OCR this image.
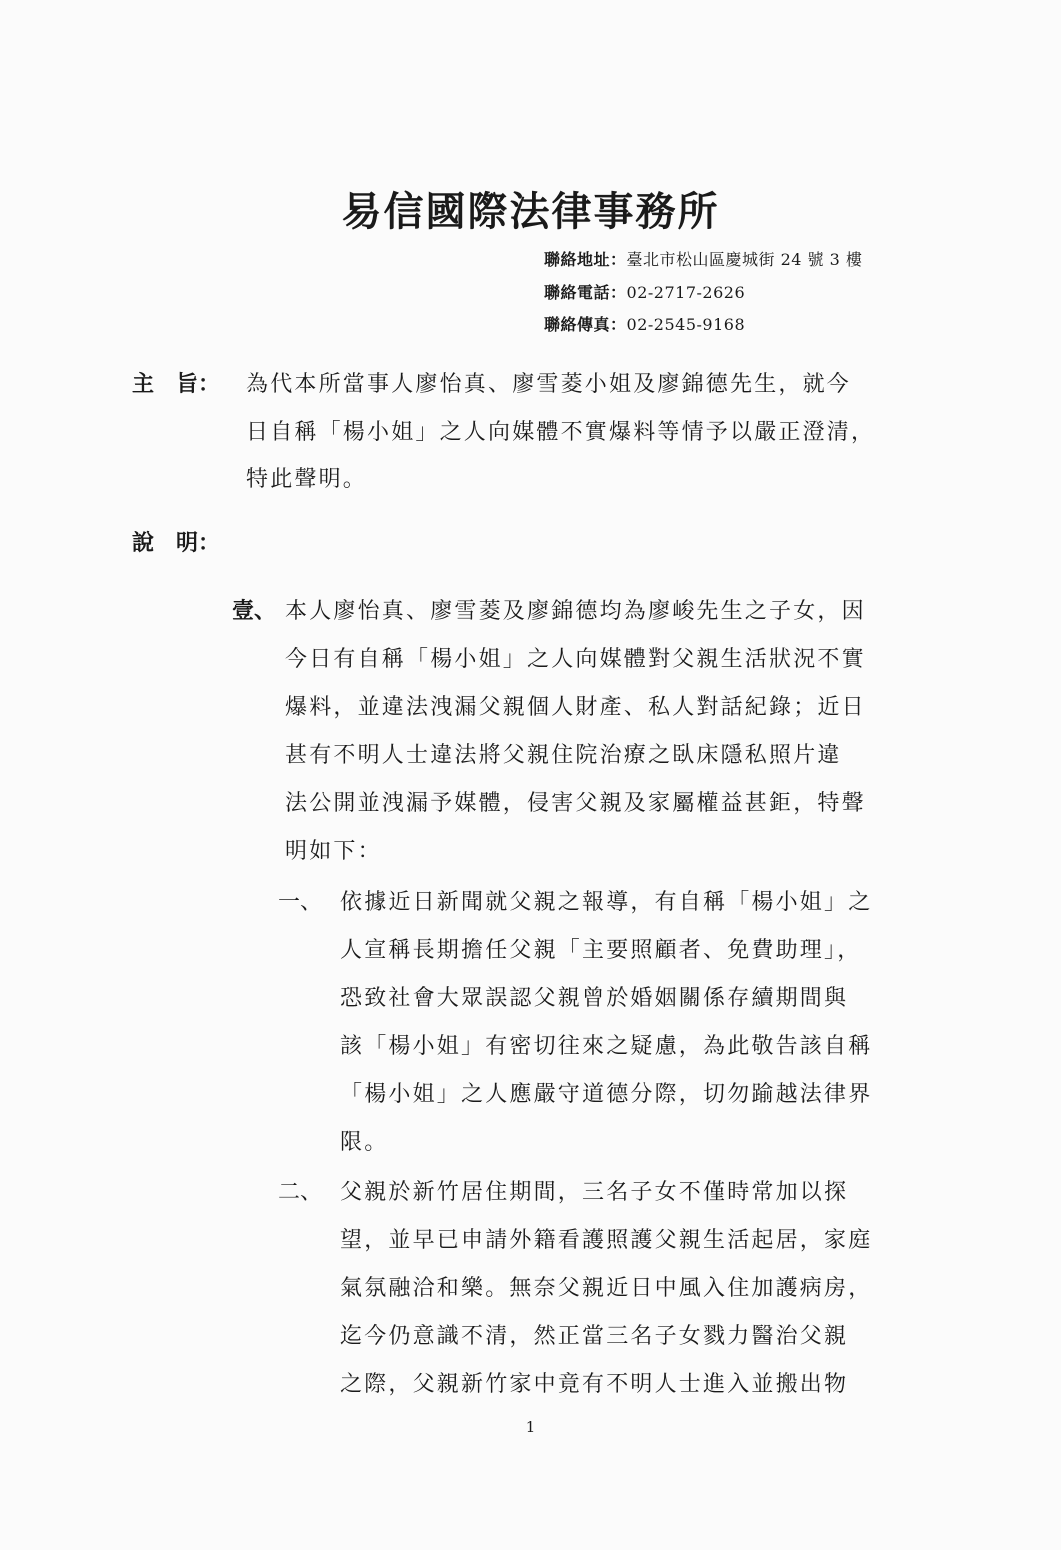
易信國際法律事務所
聯絡地址：臺北市松山區慶城街 24 號 3 樓
聯絡電話：02-2717-2626
聯絡傳真：02-2545-9168
主　旨： 為代本所當事人廖怡真、廖雪菱小姐及廖錦德先生，就今
日自稱「楊小姐」之人向媒體不實爆料等情予以嚴正澄清，
特此聲明。
說　明：
壹、 本人廖怡真、廖雪菱及廖錦德均為廖峻先生之子女，因
今日有自稱「楊小姐」之人向媒體對父親生活狀況不實
爆料，並違法洩漏父親個人財產、私人對話紀錄；近日
甚有不明人士違法將父親住院治療之臥床隱私照片違
法公開並洩漏予媒體，侵害父親及家屬權益甚鉅，特聲
明如下：
一、 依據近日新聞就父親之報導，有自稱「楊小姐」之
人宣稱長期擔任父親「主要照顧者、免費助理」，
恐致社會大眾誤認父親曾於婚姻關係存續期間與
該「楊小姐」有密切往來之疑慮，為此敬告該自稱
「楊小姐」之人應嚴守道德分際，切勿踰越法律界
限。
二、 父親於新竹居住期間，三名子女不僅時常加以探
望，並早已申請外籍看護照護父親生活起居，家庭
氣氛融洽和樂。無奈父親近日中風入住加護病房，
迄今仍意識不清，然正當三名子女戮力醫治父親
之際，父親新竹家中竟有不明人士進入並搬出物
1
